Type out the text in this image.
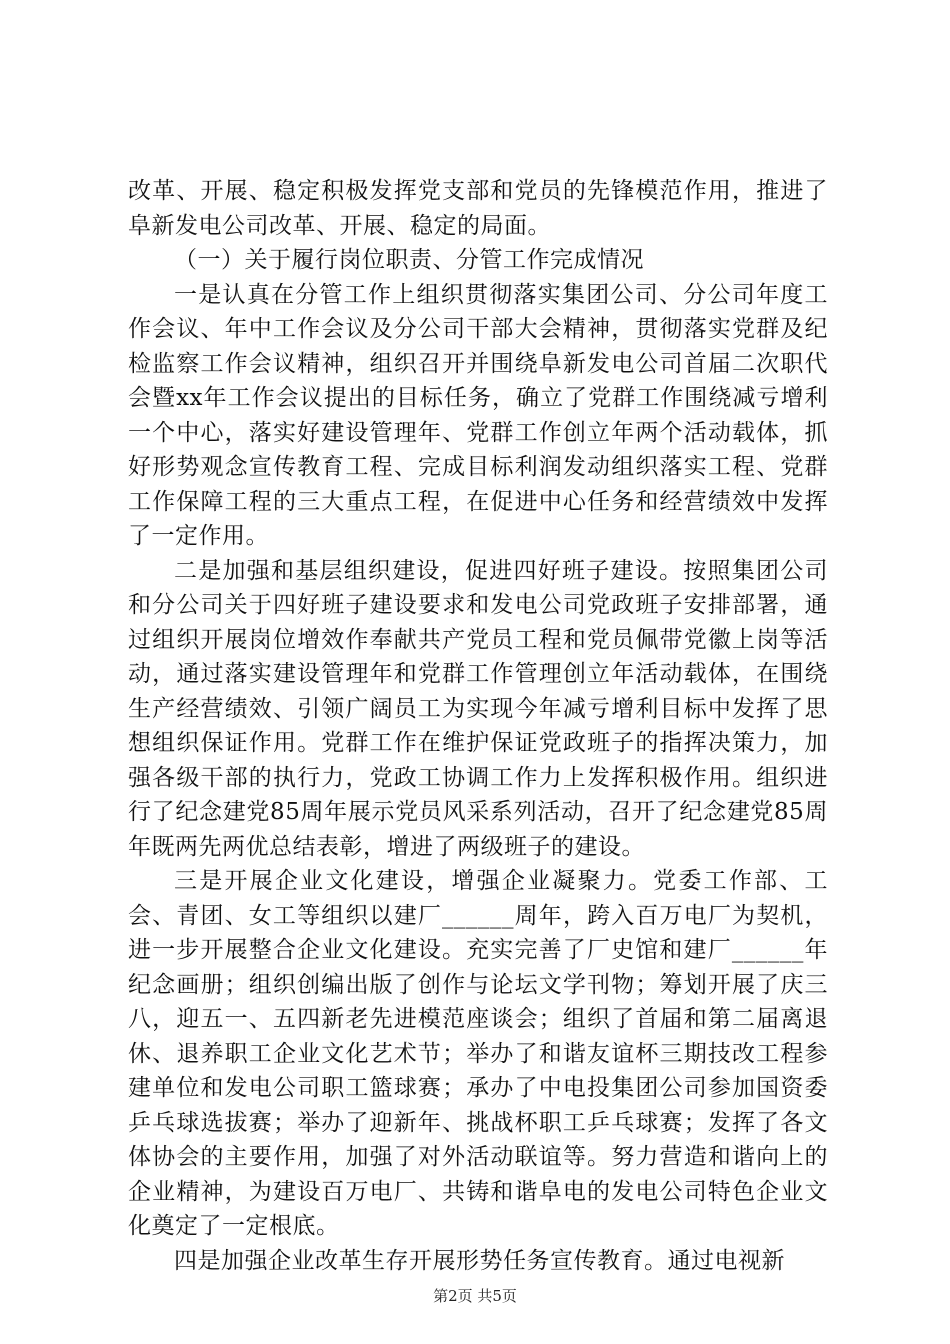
改革、开展、稳定积极发挥党支部和党员的先锋模范作用，推进了阜新发电公司改革、开展、稳定的局面。

（一）关于履行岗位职责、分管工作完成情况

一是认真在分管工作上组织贯彻落实集团公司、分公司年度工作会议、年中工作会议及分公司干部大会精神，贯彻落实党群及纪检监察工作会议精神，组织召开并围绕阜新发电公司首届二次职代会暨xx年工作会议提出的目标任务，确立了党群工作围绕减亏增利一个中心，落实好建设管理年、党群工作创立年两个活动载体，抓好形势观念宣传教育工程、完成目标利润发动组织落实工程、党群工作保障工程的三大重点工程，在促进中心任务和经营绩效中发挥了一定作用。

二是加强和基层组织建设，促进四好班子建设。按照集团公司和分公司关于四好班子建设要求和发电公司党政班子安排部署，通过组织开展岗位增效作奉献共产党员工程和党员佩带党徽上岗等活动，通过落实建设管理年和党群工作管理创立年活动载体，在围绕生产经营绩效、引领广阔员工为实现今年减亏增利目标中发挥了思想组织保证作用。党群工作在维护保证党政班子的指挥决策力，加强各级干部的执行力，党政工协调工作力上发挥积极作用。组织进行了纪念建党85周年展示党员风采系列活动，召开了纪念建党85周年既两先两优总结表彰，增进了两级班子的建设。

三是开展企业文化建设，增强企业凝聚力。党委工作部、工会、青团、女工等组织以建厂______周年，跨入百万电厂为契机，进一步开展整合企业文化建设。充实完善了厂史馆和建厂______年纪念画册；组织创编出版了创作与论坛文学刊物；筹划开展了庆三八，迎五一、五四新老先进模范座谈会；组织了首届和第二届离退休、退养职工企业文化艺术节；举办了和谐友谊杯三期技改工程参建单位和发电公司职工篮球赛；承办了中电投集团公司参加国资委乒乓球选拔赛；举办了迎新年、挑战杯职工乒乓球赛；发挥了各文体协会的主要作用，加强了对外活动联谊等。努力营造和谐向上的企业精神，为建设百万电厂、共铸和谐阜电的发电公司特色企业文化奠定了一定根底。

四是加强企业改革生存开展形势任务宣传教育。通过电视新

第2页 共5页
